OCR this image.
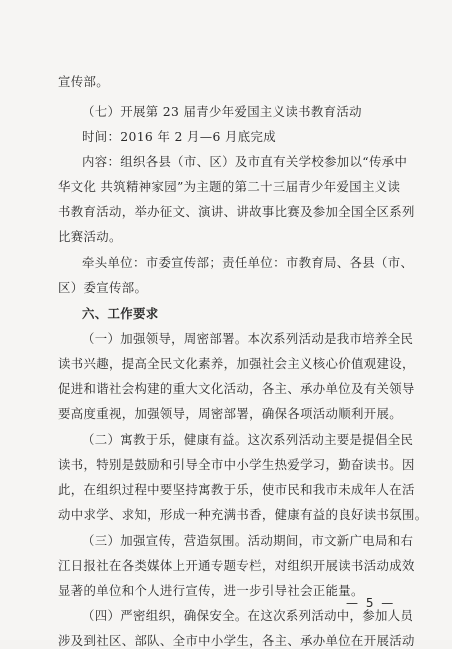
宣传部。
（七）开展第 23 届青少年爱国主义读书教育活动
时间：2016 年 2 月—6 月底完成
内容：组织各县（市、区）及市直有关学校参加以“传承中
华文化 共筑精神家园”为主题的第二十三届青少年爱国主义读
书教育活动，举办征文、演讲、讲故事比赛及参加全国全区系列
比赛活动。
牵头单位：市委宣传部；责任单位：市教育局、各县（市、
区）委宣传部。
六、工作要求
（一）加强领导，周密部署。本次系列活动是我市培养全民
读书兴趣，提高全民文化素养，加强社会主义核心价值观建设，
促进和谐社会构建的重大文化活动，各主、承办单位及有关领导
要高度重视，加强领导，周密部署，确保各项活动顺利开展。
（二）寓教于乐，健康有益。这次系列活动主要是提倡全民
读书，特别是鼓励和引导全市中小学生热爱学习，勤奋读书。因
此，在组织过程中要坚持寓教于乐，使市民和我市未成年人在活
动中求学、求知，形成一种充满书香，健康有益的良好读书氛围。
（三）加强宣传，营造氛围。活动期间，市文新广电局和右
江日报社在各类媒体上开通专题专栏，对组织开展读书活动成效
显著的单位和个人进行宣传，进一步引导社会正能量。
（四）严密组织，确保安全。在这次系列活动中，参加人员
涉及到社区、部队、全市中小学生，各主、承办单位在开展活动
— 5 —
